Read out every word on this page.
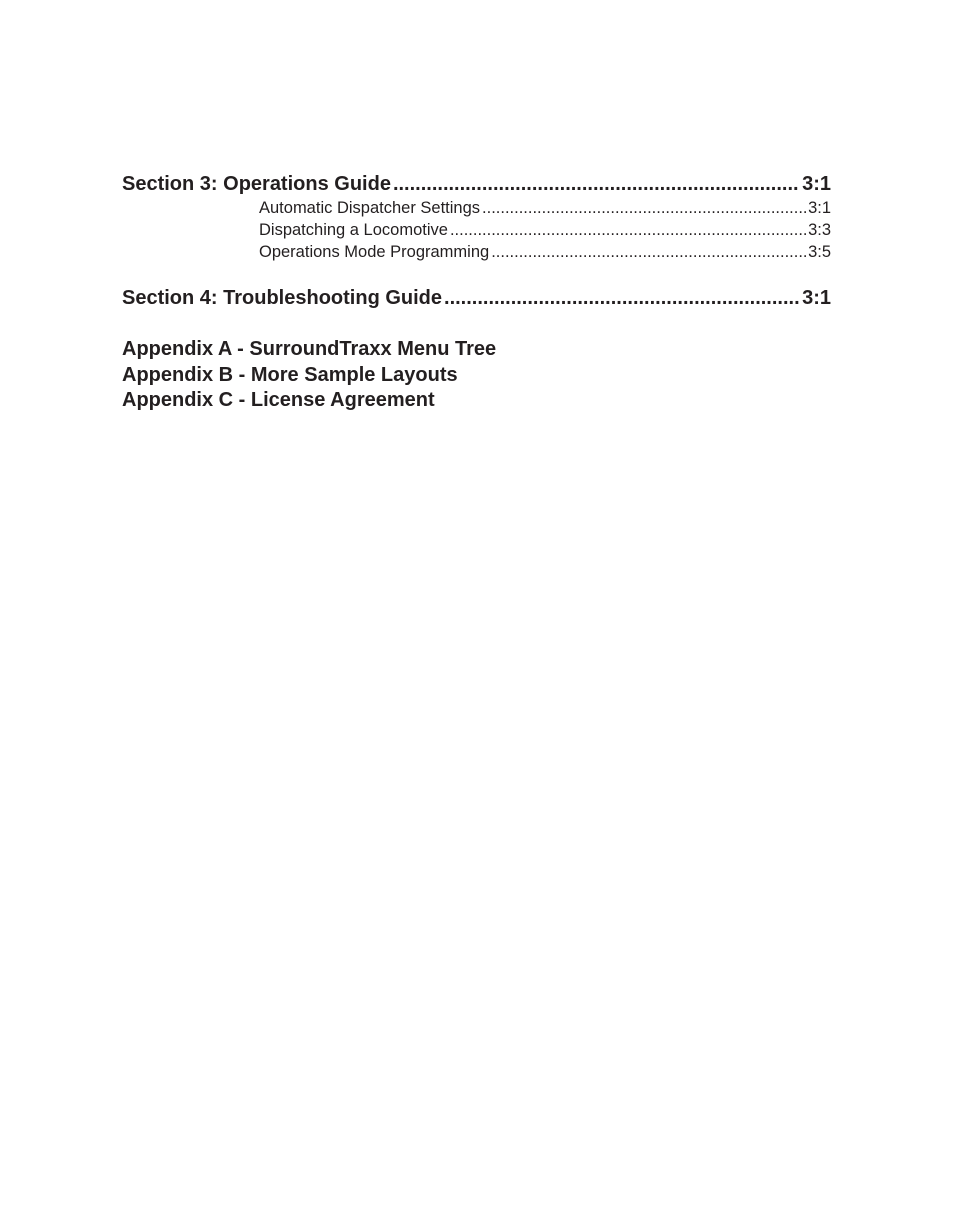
Section 3: Operations Guide .....	3:1
Automatic Dispatcher Settings .....	3:1
Dispatching a Locomotive .....	3:3
Operations Mode Programming .....	3:5
Section 4: Troubleshooting Guide .....	3:1
Appendix A - SurroundTraxx Menu Tree
Appendix B - More Sample Layouts
Appendix C - License Agreement
